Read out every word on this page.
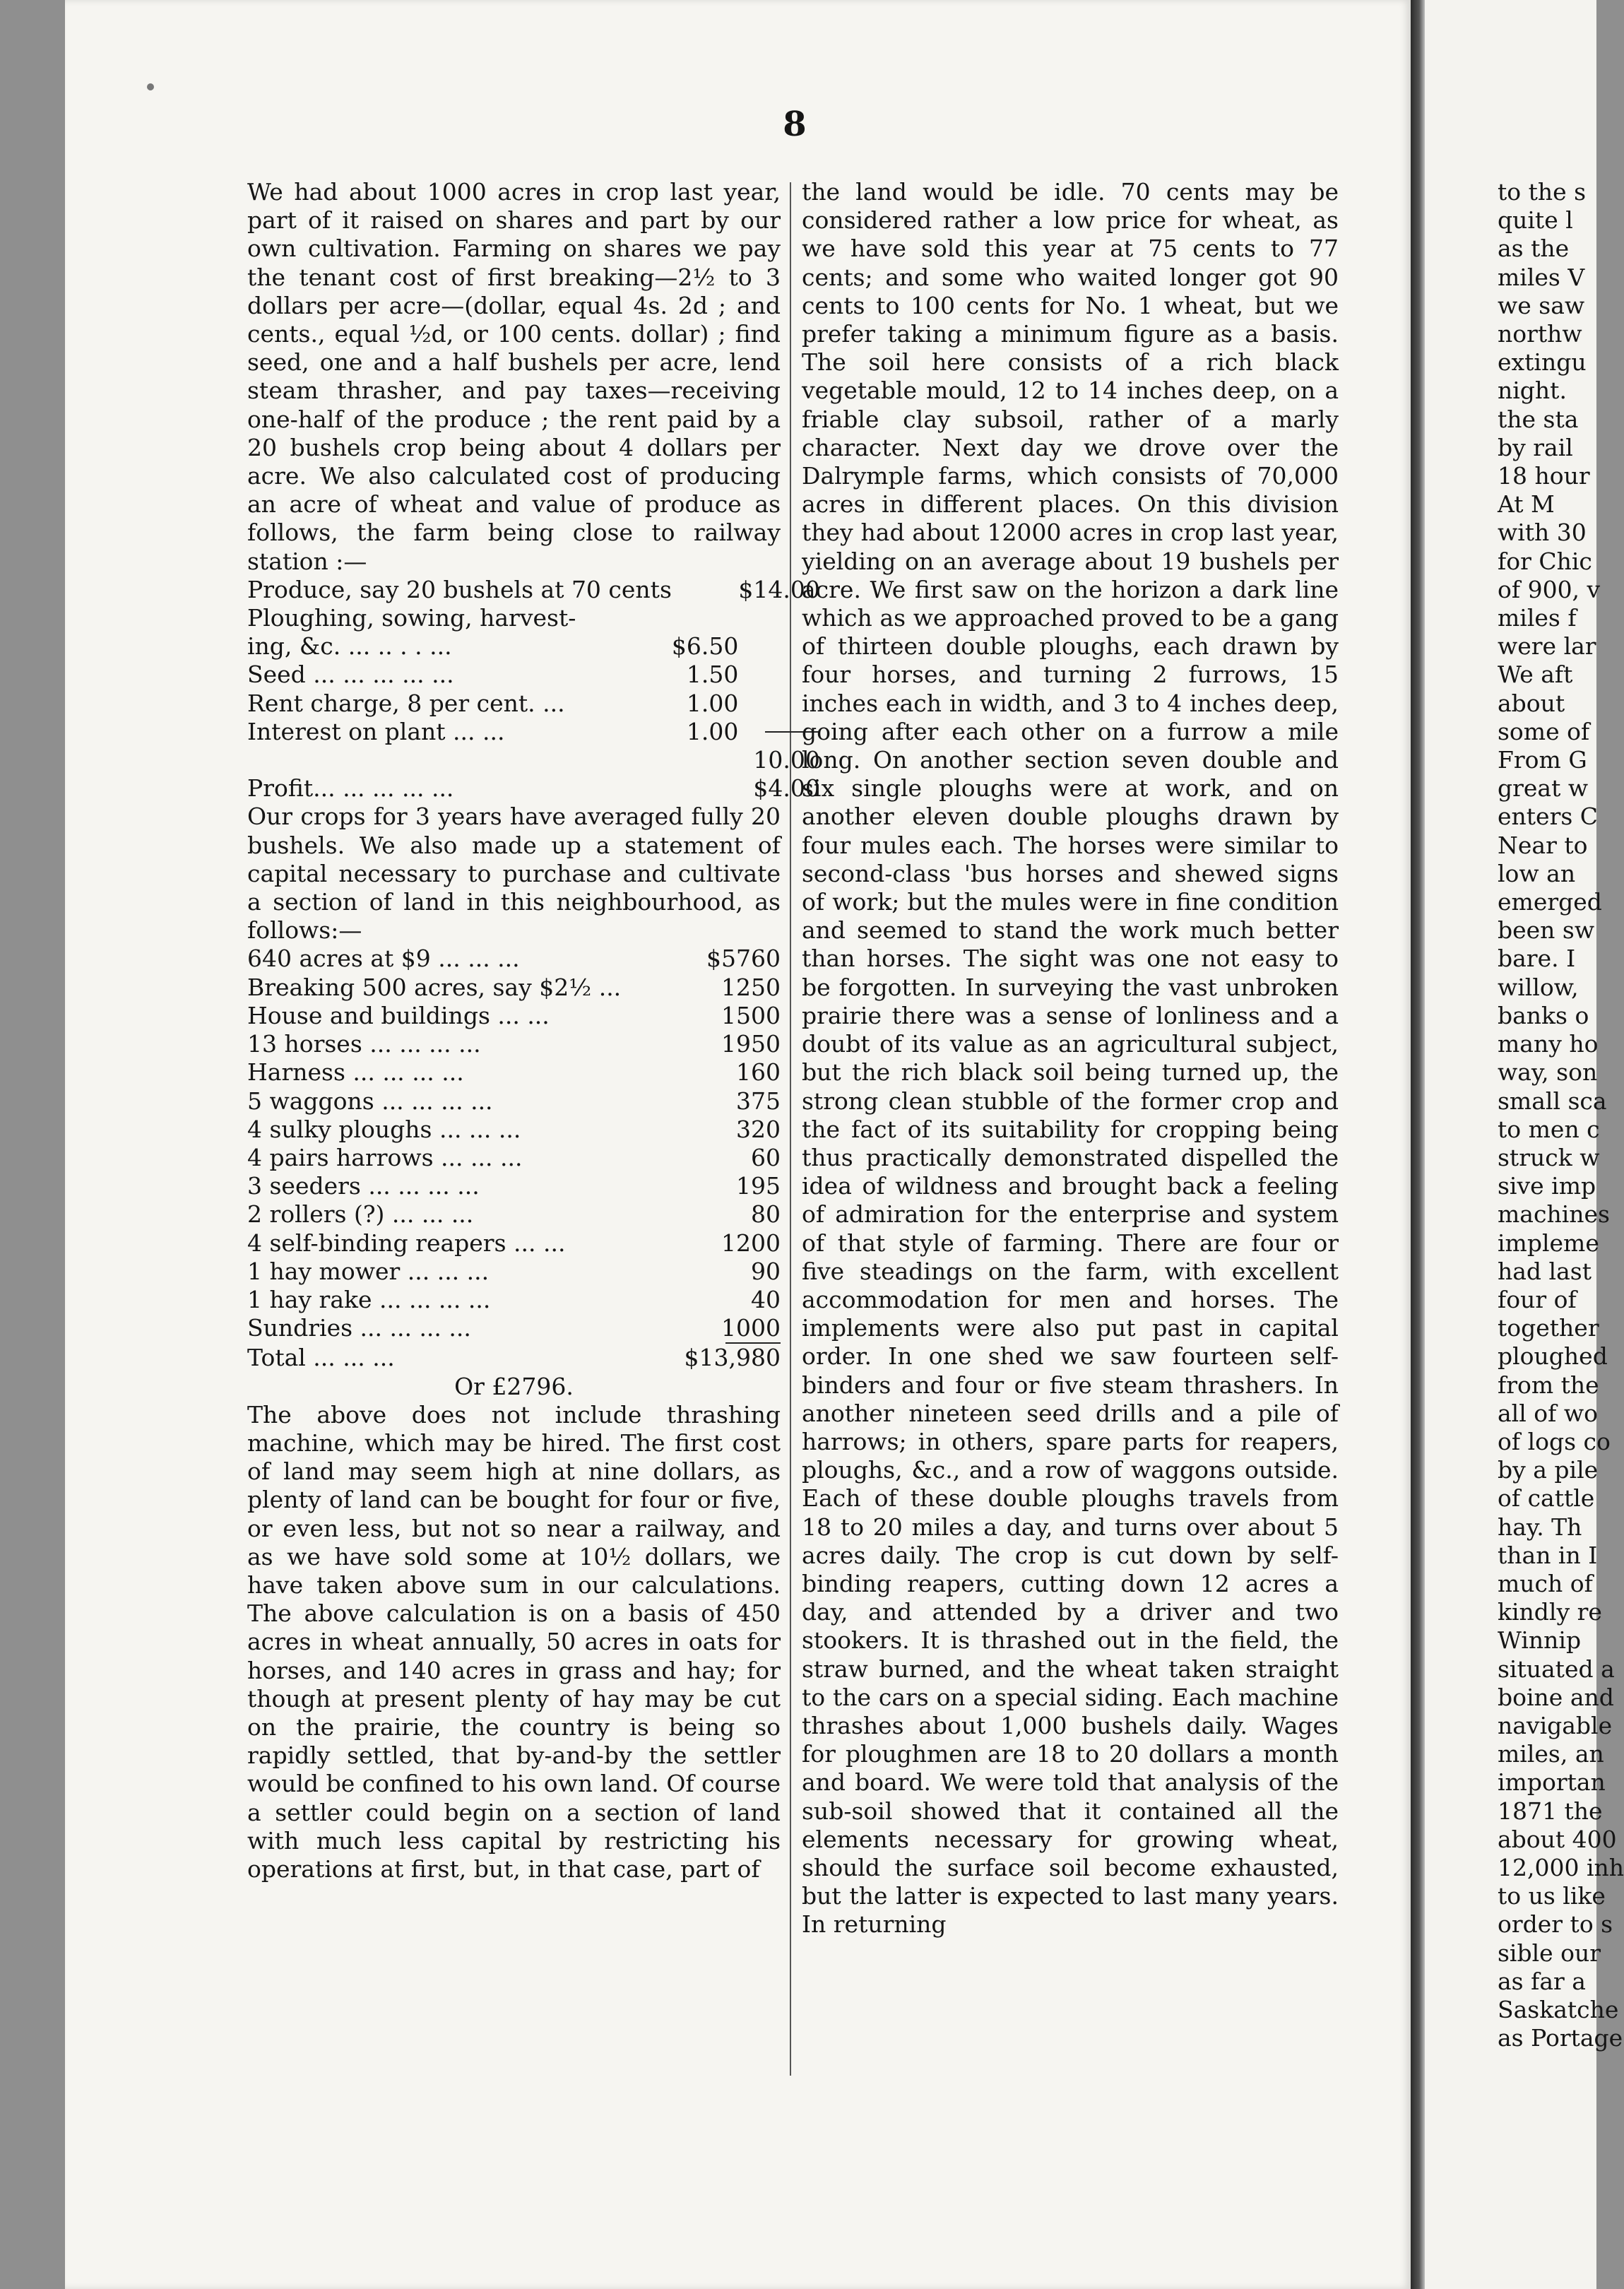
8

We had about 1000 acres in crop last year, part of it raised on shares and part by our own cultivation. Farming on shares we pay the tenant cost of first breaking—2½ to 3 dollars per acre—(dollar, equal 4s. 2d ; and cents., equal ½d, or 100 cents. dollar) ; find seed, one and a half bushels per acre, lend steam thrasher, and pay taxes—receiving one-half of the produce ; the rent paid by a 20 bushels crop being about 4 dollars per acre. We also calculated cost of producing an acre of wheat and value of produce as follows, the farm being close to railway station :—

Produce, say 20 bushels at 70 cents		$14.00
Ploughing, sowing, harvest-		
ing, &c. ... .. . . ...	$6.50	
Seed ... ... ... ... ...	1.50	
Rent charge, 8 per cent. ...	1.00	
Interest on plant ... ...	1.00	

		10.00
Profit... ... ... ... ...		$4.00

Our crops for 3 years have averaged fully 20 bushels. We also made up a statement of capital necessary to purchase and cultivate a section of land in this neighbourhood, as follows:—

640 acres at $9 ... ... ...	$5760
Breaking 500 acres, say $2½ ...	1250
House and buildings ... ...	1500
13 horses ... ... ... ...	1950
Harness ... ... ... ...	160
5 waggons ... ... ... ...	375
4 sulky ploughs ... ... ...	320
4 pairs harrows ... ... ...	60
3 seeders ... ... ... ...	195
2 rollers (?) ... ... ...	80
4 self-binding reapers ... ...	1200
1 hay mower ... ... ...	90
1 hay rake ... ... ... ...	40
Sundries ... ... ... ...	1000

Total ... ... ...	$13,980

Or £2796.

The above does not include thrashing machine, which may be hired. The first cost of land may seem high at nine dollars, as plenty of land can be bought for four or five, or even less, but not so near a railway, and as we have sold some at 10½ dollars, we have taken above sum in our calculations. The above calculation is on a basis of 450 acres in wheat annually, 50 acres in oats for horses, and 140 acres in grass and hay; for though at present plenty of hay may be cut on the prairie, the country is being so rapidly settled, that by-and-by the settler would be confined to his own land. Of course a settler could begin on a section of land with much less capital by restricting his operations at first, but, in that case, part of

the land would be idle. 70 cents may be considered rather a low price for wheat, as we have sold this year at 75 cents to 77 cents; and some who waited longer got 90 cents to 100 cents for No. 1 wheat, but we prefer taking a minimum figure as a basis. The soil here consists of a rich black vegetable mould, 12 to 14 inches deep, on a friable clay subsoil, rather of a marly character. Next day we drove over the Dalrymple farms, which consists of 70,000 acres in different places. On this division they had about 12000 acres in crop last year, yielding on an average about 19 bushels per acre. We first saw on the horizon a dark line which as we approached proved to be a gang of thirteen double ploughs, each drawn by four horses, and turning 2 furrows, 15 inches each in width, and 3 to 4 inches deep, going after each other on a furrow a mile long. On another section seven double and six single ploughs were at work, and on another eleven double ploughs drawn by four mules each. The horses were similar to second-class 'bus horses and shewed signs of work; but the mules were in fine condition and seemed to stand the work much better than horses. The sight was one not easy to be forgotten. In surveying the vast unbroken prairie there was a sense of lonliness and a doubt of its value as an agricultural subject, but the rich black soil being turned up, the strong clean stubble of the former crop and the fact of its suitability for cropping being thus practically demonstrated dispelled the idea of wildness and brought back a feeling of admiration for the enterprise and system of that style of farming. There are four or five steadings on the farm, with excellent accommodation for men and horses. The implements were also put past in capital order. In one shed we saw fourteen self-binders and four or five steam thrashers. In another nineteen seed drills and a pile of harrows; in others, spare parts for reapers, ploughs, &c., and a row of waggons outside. Each of these double ploughs travels from 18 to 20 miles a day, and turns over about 5 acres daily. The crop is cut down by self-binding reapers, cutting down 12 acres a day, and attended by a driver and two stookers. It is thrashed out in the field, the straw burned, and the wheat taken straight to the cars on a special siding. Each machine thrashes about 1,000 bushels daily. Wages for ploughmen are 18 to 20 dollars a month and board. We were told that analysis of the sub-soil showed that it contained all the elements necessary for growing wheat, should the surface soil become exhausted, but the latter is expected to last many years. In returning

to the s
quite l
as the
miles V
we saw
northw
extingu
night.
the sta
by rail
18 hour
At M
with 30
for Chic
of 900, v
miles f
were lar
We aft
about
some of
From G
great w
enters C
Near to
low an
emerged
been sw
bare. I
willow,
banks o
many ho
way, son
small sca
to men c
struck w
sive imp
machines
impleme
had last
four of
together
ploughed
from the
all of wo
of logs co
by a pile
of cattle
hay. Th
than in I
much of
kindly re
Winnip
situated a
boine and
navigable
miles, an
importan
1871 the
about 400
12,000 inh
to us like
order to s
sible our
as far a
Saskatche
as Portage
